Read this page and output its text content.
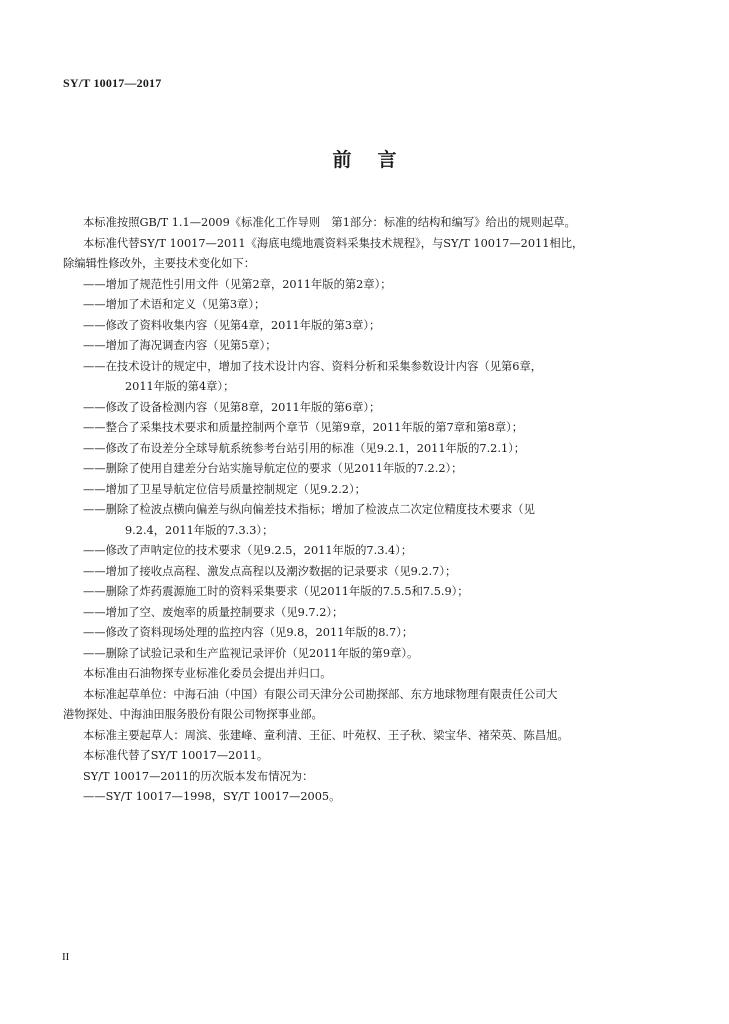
SY/T 10017—2017
前言
本标准按照GB/T 1.1—2009《标准化工作导则　第1部分：标准的结构和编写》给出的规则起草。
本标准代替SY/T 10017—2011《海底电缆地震资料采集技术规程》，与SY/T 10017—2011相比，
除编辑性修改外，主要技术变化如下：
——增加了规范性引用文件（见第2章，2011年版的第2章）；
——增加了术语和定义（见第3章）；
——修改了资料收集内容（见第4章，2011年版的第3章）；
——增加了海况调查内容（见第5章）；
——在技术设计的规定中，增加了技术设计内容、资料分析和采集参数设计内容（见第6章，
2011年版的第4章）；
——修改了设备检测内容（见第8章，2011年版的第6章）；
——整合了采集技术要求和质量控制两个章节（见第9章，2011年版的第7章和第8章）；
——修改了布设差分全球导航系统参考台站引用的标准（见9.2.1，2011年版的7.2.1）；
——删除了使用自建差分台站实施导航定位的要求（见2011年版的7.2.2）；
——增加了卫星导航定位信号质量控制规定（见9.2.2）；
——删除了检波点横向偏差与纵向偏差技术指标；增加了检波点二次定位精度技术要求（见
9.2.4，2011年版的7.3.3）；
——修改了声呐定位的技术要求（见9.2.5，2011年版的7.3.4）；
——增加了接收点高程、激发点高程以及潮汐数据的记录要求（见9.2.7）；
——删除了炸药震源施工时的资料采集要求（见2011年版的7.5.5和7.5.9）；
——增加了空、废炮率的质量控制要求（见9.7.2）；
——修改了资料现场处理的监控内容（见9.8，2011年版的8.7）；
——删除了试验记录和生产监视记录评价（见2011年版的第9章）。
本标准由石油物探专业标准化委员会提出并归口。
本标准起草单位：中海石油（中国）有限公司天津分公司勘探部、东方地球物理有限责任公司大
港物探处、中海油田服务股份有限公司物探事业部。
本标准主要起草人：周滨、张建峰、童利清、王征、叶苑权、王子秋、梁宝华、褚荣英、陈昌旭。
本标准代替了SY/T 10017—2011。
SY/T 10017—2011的历次版本发布情况为：
——SY/T 10017—1998，SY/T 10017—2005。
II
